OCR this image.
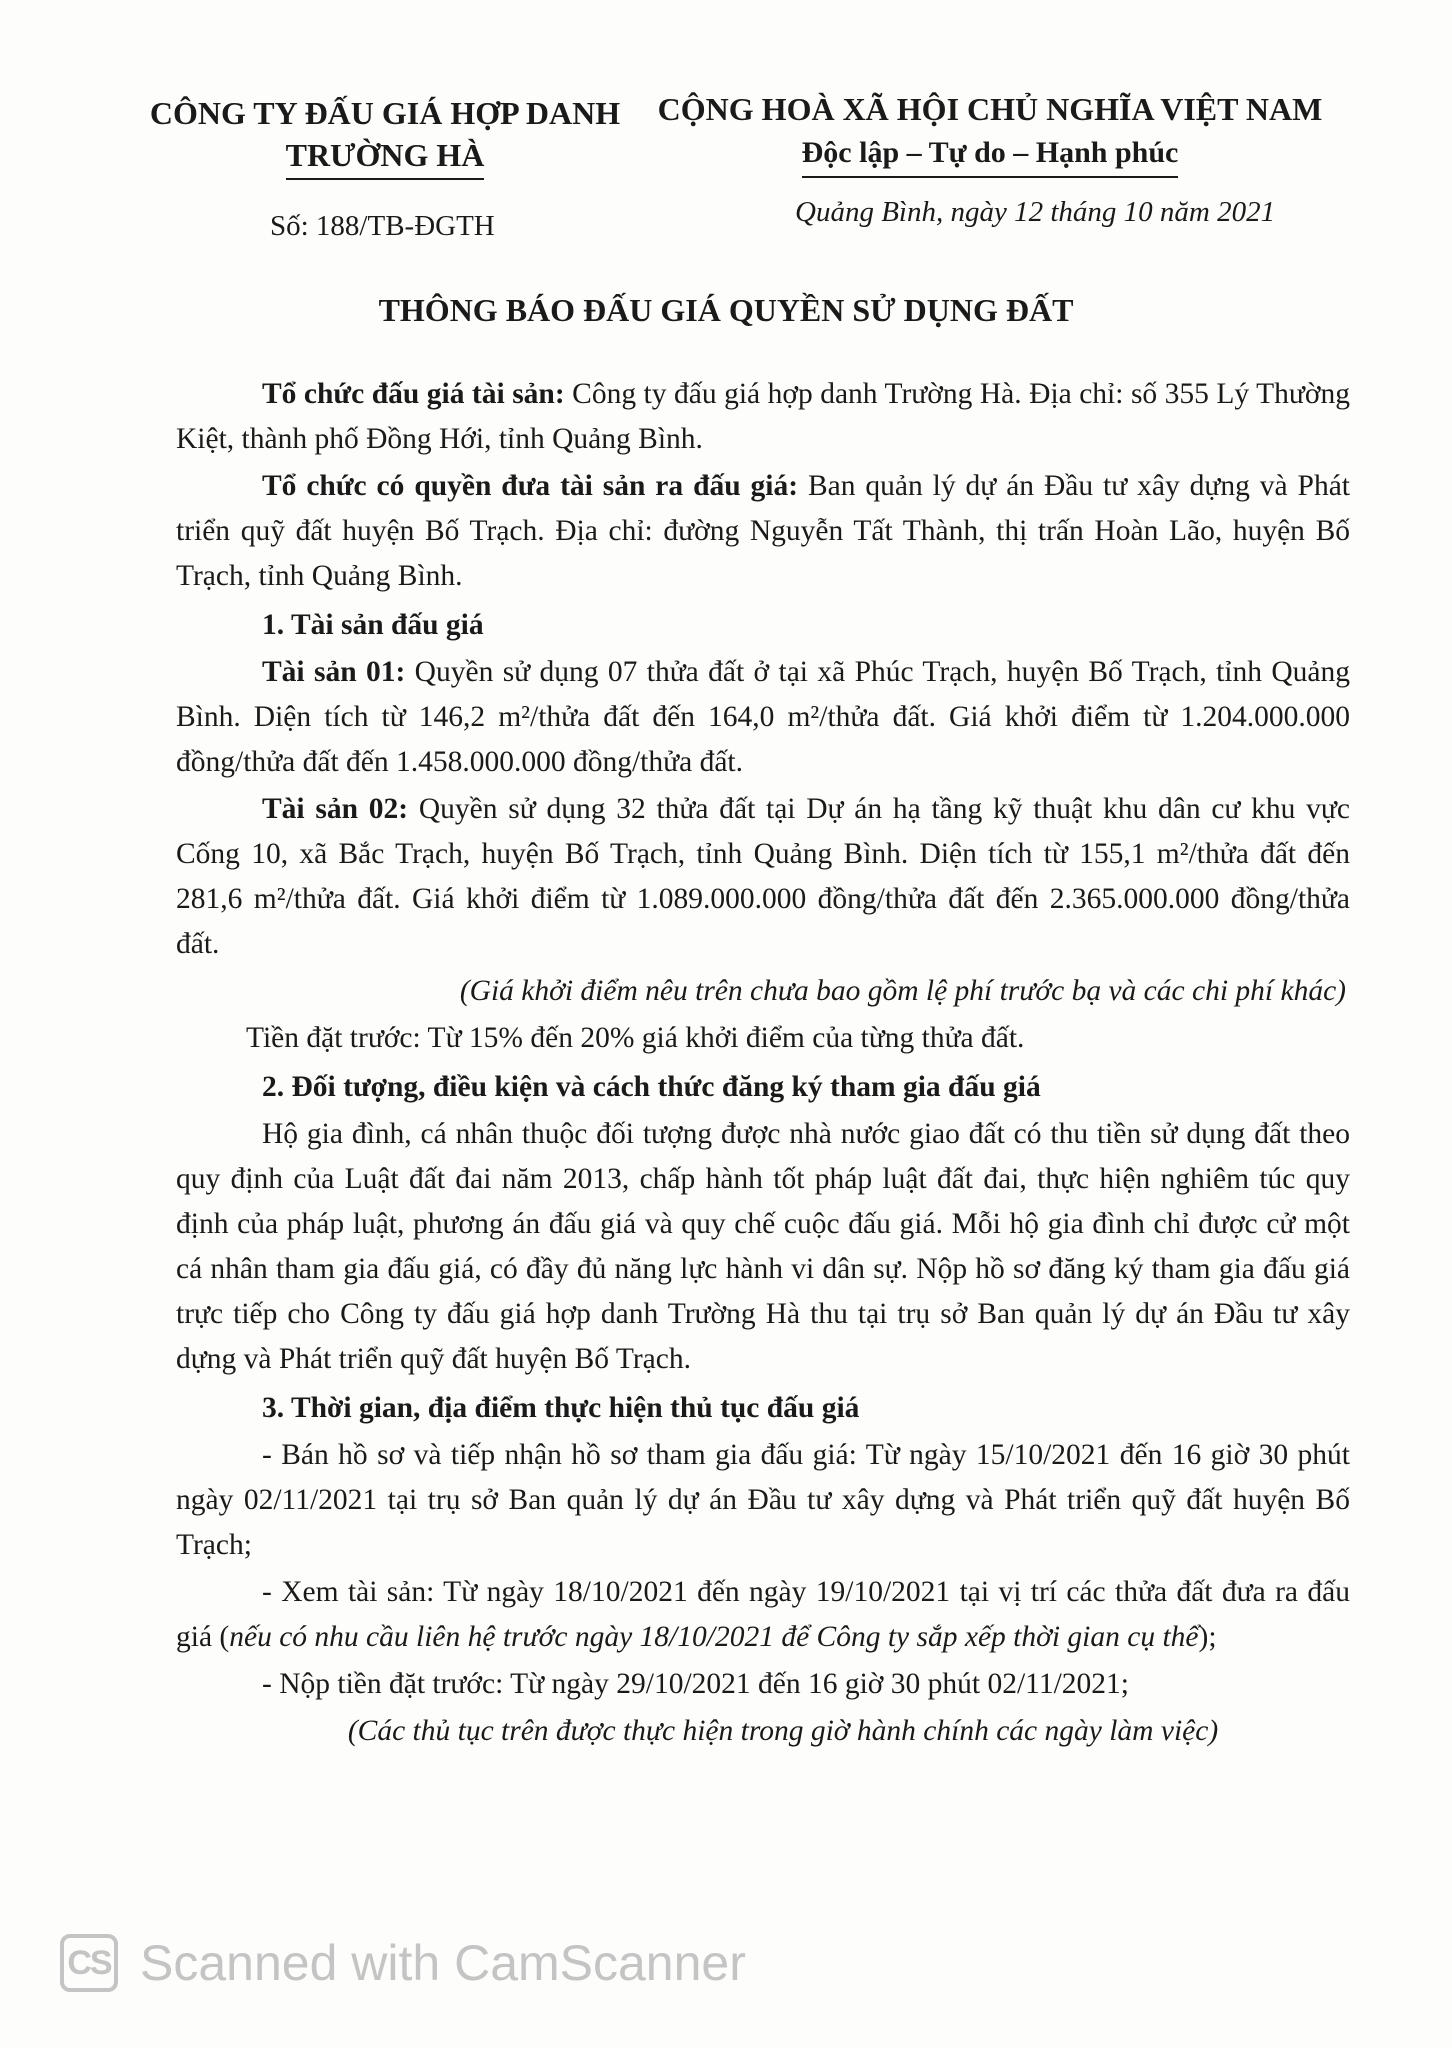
CÔNG TY ĐẤU GIÁ HỢP DANH
TRƯỜNG HÀ
CỘNG HOÀ XÃ HỘI CHỦ NGHĨA VIỆT NAM
Độc lập – Tự do – Hạnh phúc
Số: 188/TB-ĐGTH	Quảng Bình, ngày 12 tháng 10 năm 2021
THÔNG BÁO ĐẤU GIÁ QUYỀN SỬ DỤNG ĐẤT

Tổ chức đấu giá tài sản: Công ty đấu giá hợp danh Trường Hà. Địa chỉ: số 355 Lý Thường Kiệt, thành phố Đồng Hới, tỉnh Quảng Bình.

Tổ chức có quyền đưa tài sản ra đấu giá: Ban quản lý dự án Đầu tư xây dựng và Phát triển quỹ đất huyện Bố Trạch. Địa chỉ: đường Nguyễn Tất Thành, thị trấn Hoàn Lão, huyện Bố Trạch, tỉnh Quảng Bình.

1. Tài sản đấu giá

Tài sản 01: Quyền sử dụng 07 thửa đất ở tại xã Phúc Trạch, huyện Bố Trạch, tỉnh Quảng Bình. Diện tích từ 146,2 m²/thửa đất đến 164,0 m²/thửa đất. Giá khởi điểm từ 1.204.000.000 đồng/thửa đất đến 1.458.000.000 đồng/thửa đất.

Tài sản 02: Quyền sử dụng 32 thửa đất tại Dự án hạ tầng kỹ thuật khu dân cư khu vực Cống 10, xã Bắc Trạch, huyện Bố Trạch, tỉnh Quảng Bình. Diện tích từ 155,1 m²/thửa đất đến 281,6 m²/thửa đất. Giá khởi điểm từ 1.089.000.000 đồng/thửa đất đến 2.365.000.000 đồng/thửa đất.

(Giá khởi điểm nêu trên chưa bao gồm lệ phí trước bạ và các chi phí khác)

Tiền đặt trước: Từ 15% đến 20% giá khởi điểm của từng thửa đất.

2. Đối tượng, điều kiện và cách thức đăng ký tham gia đấu giá

Hộ gia đình, cá nhân thuộc đối tượng được nhà nước giao đất có thu tiền sử dụng đất theo quy định của Luật đất đai năm 2013, chấp hành tốt pháp luật đất đai, thực hiện nghiêm túc quy định của pháp luật, phương án đấu giá và quy chế cuộc đấu giá. Mỗi hộ gia đình chỉ được cử một cá nhân tham gia đấu giá, có đầy đủ năng lực hành vi dân sự. Nộp hồ sơ đăng ký tham gia đấu giá trực tiếp cho Công ty đấu giá hợp danh Trường Hà thu tại trụ sở Ban quản lý dự án Đầu tư xây dựng và Phát triển quỹ đất huyện Bố Trạch.

3. Thời gian, địa điểm thực hiện thủ tục đấu giá

- Bán hồ sơ và tiếp nhận hồ sơ tham gia đấu giá: Từ ngày 15/10/2021 đến 16 giờ 30 phút ngày 02/11/2021 tại trụ sở Ban quản lý dự án Đầu tư xây dựng và Phát triển quỹ đất huyện Bố Trạch;

- Xem tài sản: Từ ngày 18/10/2021 đến ngày 19/10/2021 tại vị trí các thửa đất đưa ra đấu giá (nếu có nhu cầu liên hệ trước ngày 18/10/2021 để Công ty sắp xếp thời gian cụ thể);

- Nộp tiền đặt trước: Từ ngày 29/10/2021 đến 16 giờ 30 phút 02/11/2021;

(Các thủ tục trên được thực hiện trong giờ hành chính các ngày làm việc)

CS Scanned with CamScanner
